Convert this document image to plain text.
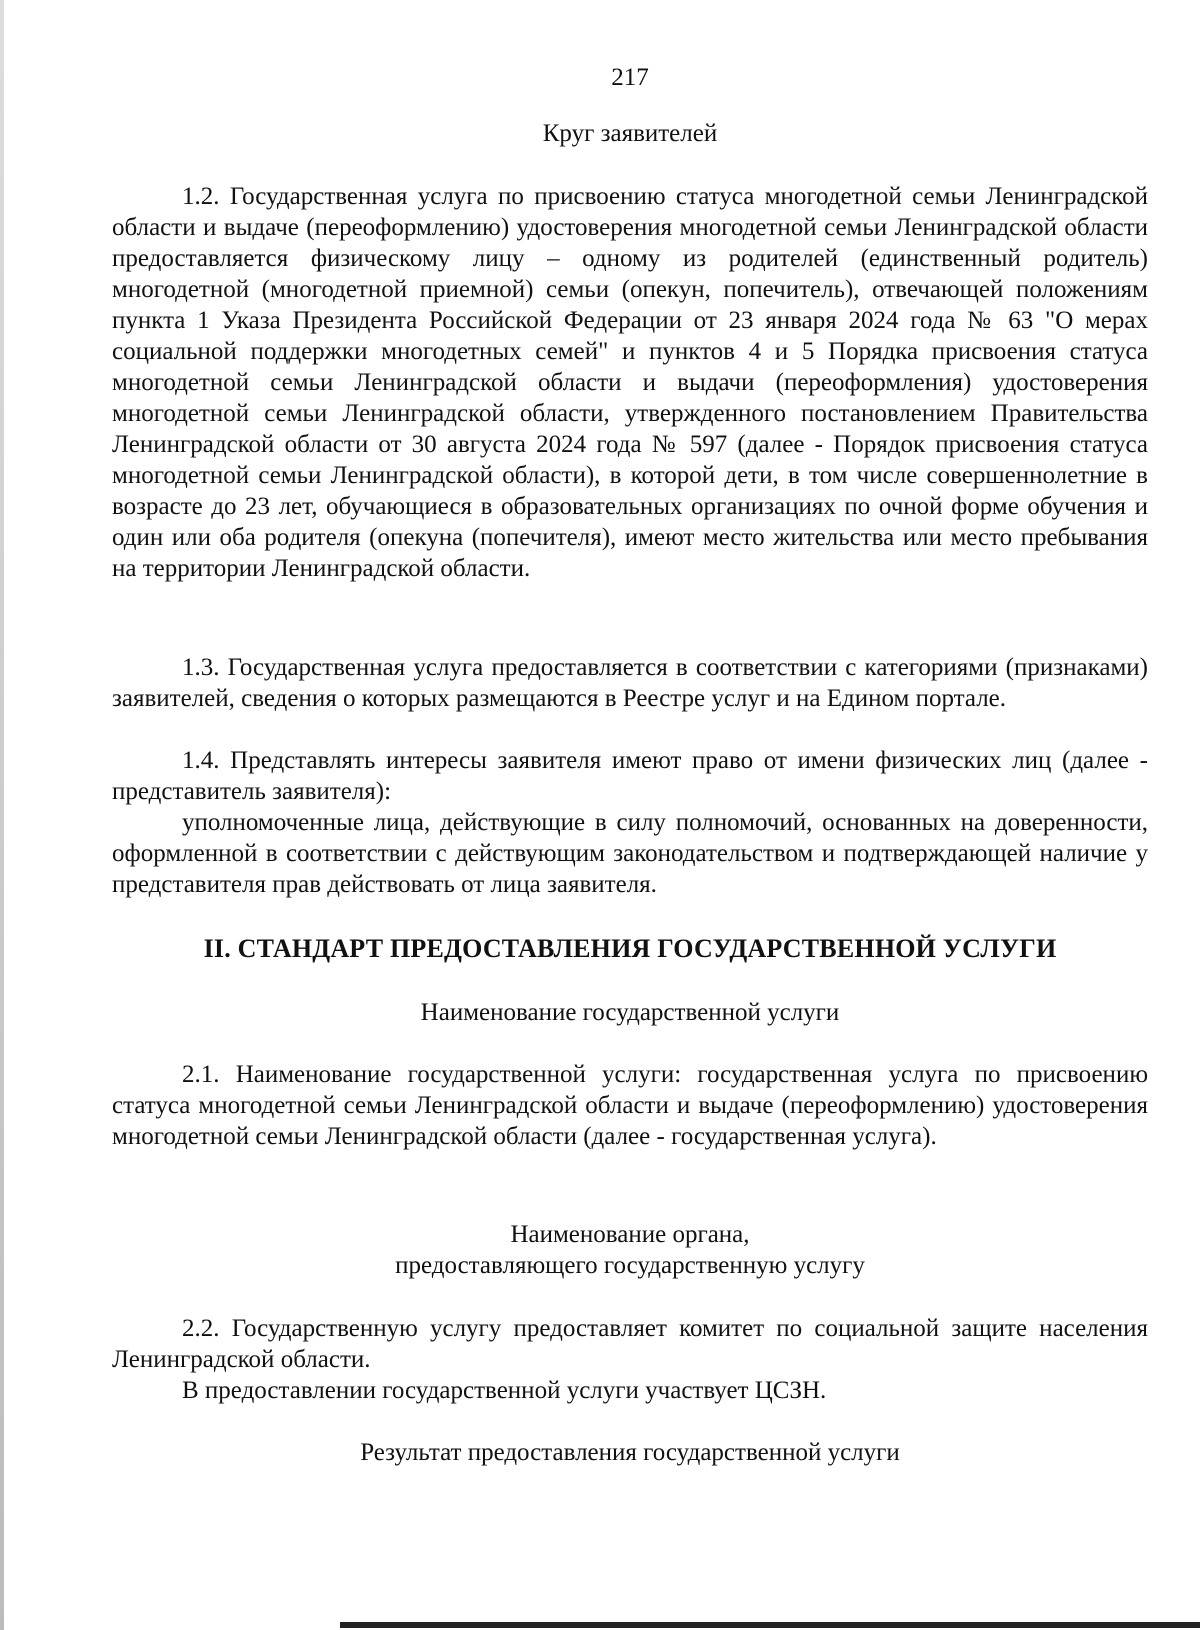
217

Круг заявителей

1.2. Государственная услуга по присвоению статуса многодетной семьи Ленинградской области и выдаче (переоформлению) удостоверения многодетной семьи Ленинградской области предоставляется физическому лицу – одному из родителей (единственный родитель) многодетной (многодетной приемной) семьи (опекун, попечитель), отвечающей положениям пункта 1 Указа Президента Российской Федерации от 23 января 2024 года № 63 "О мерах социальной поддержки многодетных семей" и пунктов 4 и 5 Порядка присвоения статуса многодетной семьи Ленинградской области и выдачи (переоформления) удостоверения многодетной семьи Ленинградской области, утвержденного постановлением Правительства Ленинградской области от 30 августа 2024 года № 597 (далее - Порядок присвоения статуса многодетной семьи Ленинградской области), в которой дети, в том числе совершеннолетние в возрасте до 23 лет, обучающиеся в образовательных организациях по очной форме обучения и один или оба родителя (опекуна (попечителя), имеют место жительства или место пребывания на территории Ленинградской области.

1.3. Государственная услуга предоставляется в соответствии с категориями (признаками) заявителей, сведения о которых размещаются в Реестре услуг и на Едином портале.

1.4. Представлять интересы заявителя имеют право от имени физических лиц (далее - представитель заявителя):

уполномоченные лица, действующие в силу полномочий, основанных на доверенности, оформленной в соответствии с действующим законодательством и подтверждающей наличие у представителя прав действовать от лица заявителя.

II. СТАНДАРТ ПРЕДОСТАВЛЕНИЯ ГОСУДАРСТВЕННОЙ УСЛУГИ

Наименование государственной услуги

2.1. Наименование государственной услуги: государственная услуга по присвоению статуса многодетной семьи Ленинградской области и выдаче (переоформлению) удостоверения многодетной семьи Ленинградской области (далее - государственная услуга).

Наименование органа,

предоставляющего государственную услугу

2.2. Государственную услугу предоставляет комитет по социальной защите населения Ленинградской области.

В предоставлении государственной услуги участвует ЦСЗН.

Результат предоставления государственной услуги
